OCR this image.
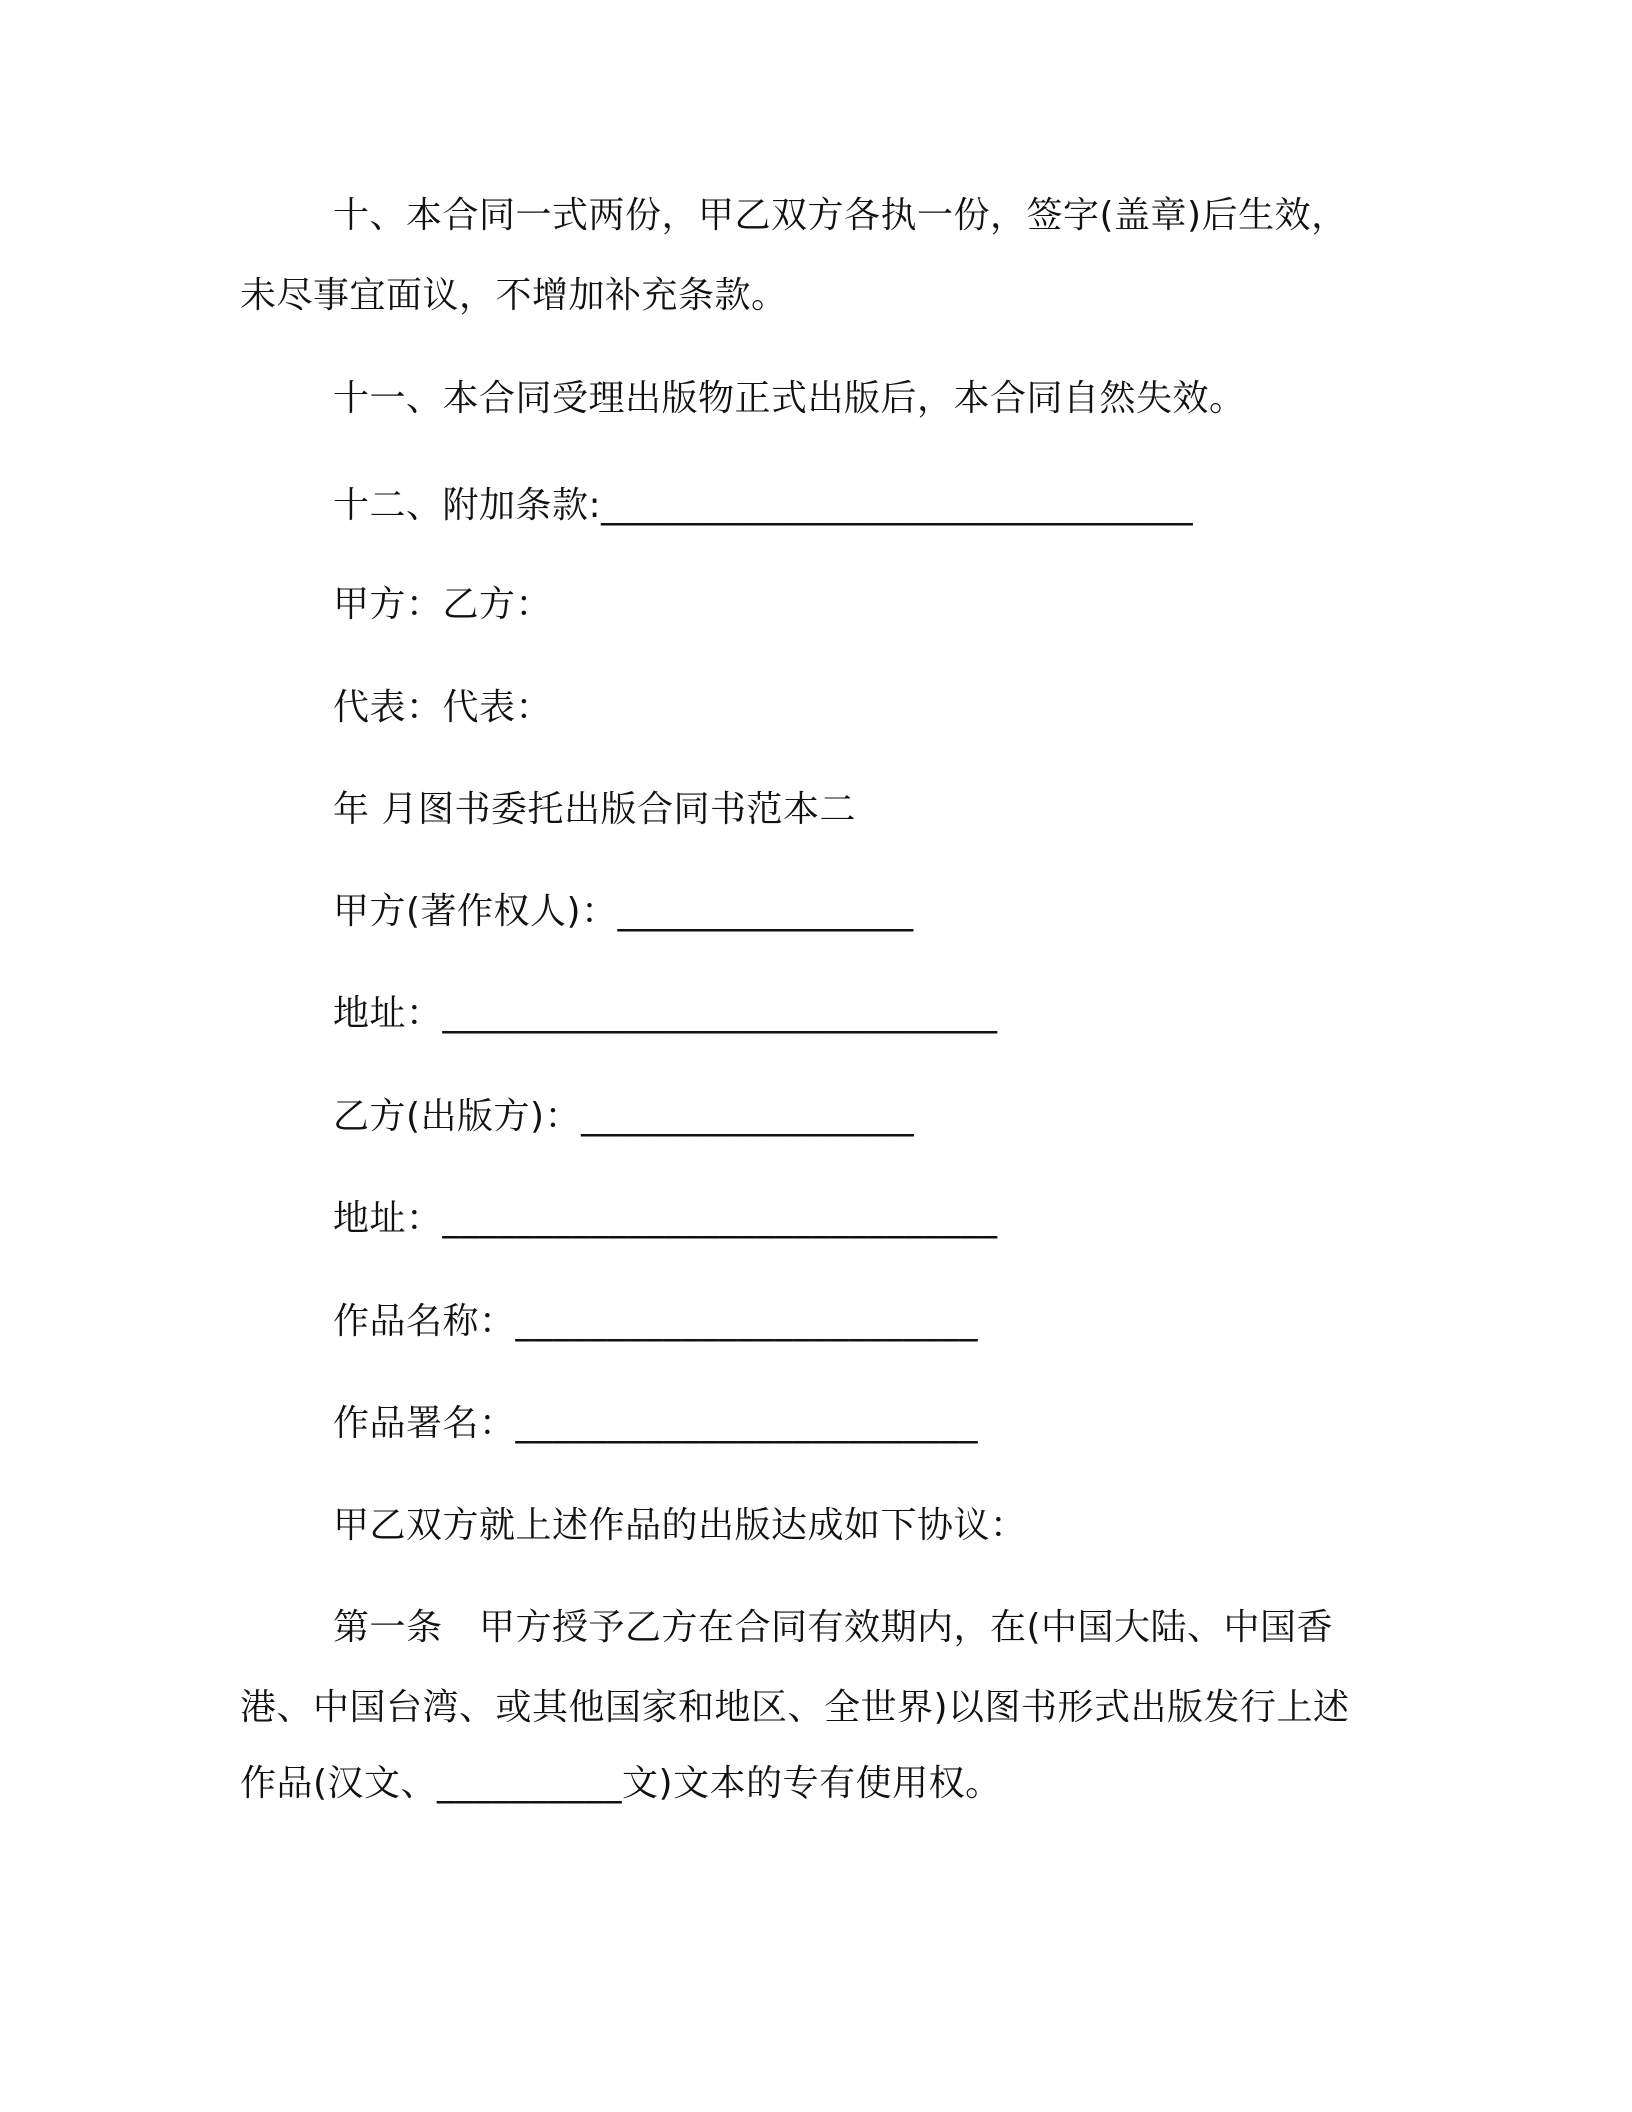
十、本合同一式两份，甲乙双方各执一份，签字(盖章)后生效，
未尽事宜面议，不增加补充条款。
十一、本合同受理出版物正式出版后，本合同自然失效。
十二、附加条款:________________________________
甲方：乙方：
代表：代表：
年 月图书委托出版合同书范本二
甲方(著作权人)：________________
地址：______________________________
乙方(出版方)：__________________
地址：______________________________
作品名称：_________________________
作品署名：_________________________
甲乙双方就上述作品的出版达成如下协议：
第一条　甲方授予乙方在合同有效期内，在(中国大陆、中国香
港、中国台湾、或其他国家和地区、全世界)以图书形式出版发行上述
作品(汉文、__________文)文本的专有使用权。
